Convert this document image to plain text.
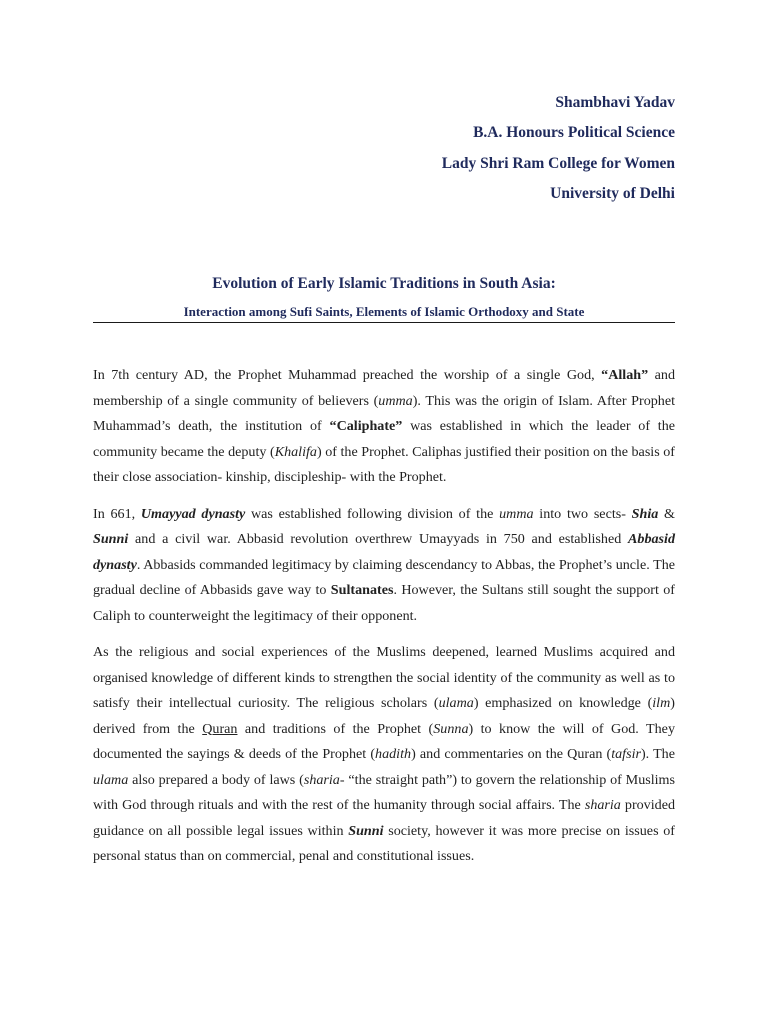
Shambhavi Yadav
B.A. Honours Political Science
Lady Shri Ram College for Women
University of Delhi
Evolution of Early Islamic Traditions in South Asia:
Interaction among Sufi Saints, Elements of Islamic Orthodoxy and State

In 7th century AD, the Prophet Muhammad preached the worship of a single God, “Allah” and membership of a single community of believers (umma). This was the origin of Islam. After Prophet Muhammad’s death, the institution of “Caliphate” was established in which the leader of the community became the deputy (Khalifa) of the Prophet. Caliphas justified their position on the basis of their close association- kinship, discipleship- with the Prophet.

In 661, Umayyad dynasty was established following division of the umma into two sects- Shia & Sunni and a civil war. Abbasid revolution overthrew Umayyads in 750 and established Abbasid dynasty. Abbasids commanded legitimacy by claiming descendancy to Abbas, the Prophet’s uncle. The gradual decline of Abbasids gave way to Sultanates. However, the Sultans still sought the support of Caliph to counterweight the legitimacy of their opponent.

As the religious and social experiences of the Muslims deepened, learned Muslims acquired and organised knowledge of different kinds to strengthen the social identity of the community as well as to satisfy their intellectual curiosity. The religious scholars (ulama) emphasized on knowledge (ilm) derived from the Quran and traditions of the Prophet (Sunna) to know the will of God. They documented the sayings & deeds of the Prophet (hadith) and commentaries on the Quran (tafsir). The ulama also prepared a body of laws (sharia- “the straight path”) to govern the relationship of Muslims with God through rituals and with the rest of the humanity through social affairs. The sharia provided guidance on all possible legal issues within Sunni society, however it was more precise on issues of personal status than on commercial, penal and constitutional issues.
